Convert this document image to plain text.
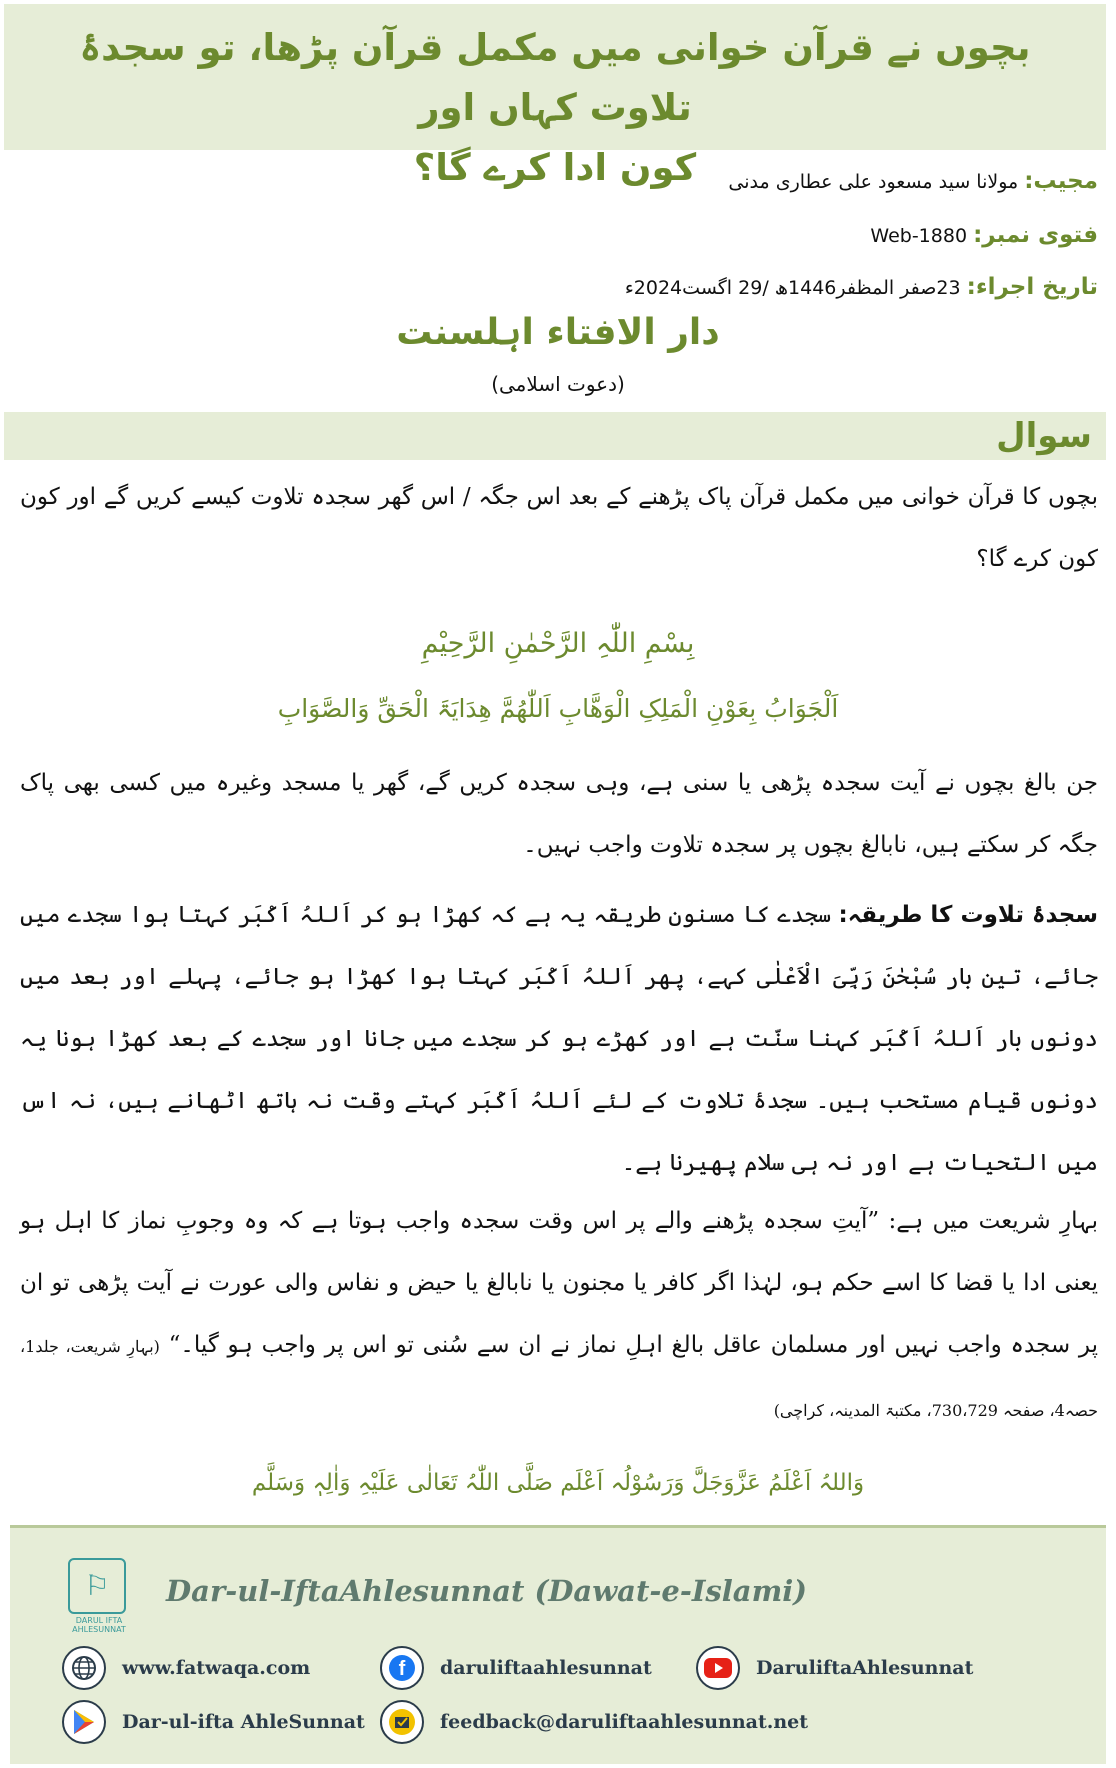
بچوں نے قرآن خوانی میں مکمل قرآن پڑھا، تو سجدۂ تلاوت کہاں اور
کون ادا کرے گا؟	مجیب: مولانا سید مسعود علی عطاری مدنی
فتوی نمبر: Web-1880
تاریخ اجراء: 23صفر المظفر1446ھ /29 اگست2024ء
دار الافتاء اہلسنت
(دعوت اسلامی)
سوال
بچوں کا قرآن خوانی میں مکمل قرآن پاک پڑھنے کے بعد اس جگہ / اس گھر سجدہ تلاوت کیسے کریں گے اور کون کون کرے گا؟
بِسْمِ اللّٰہِ الرَّحْمٰنِ الرَّحِیْمِ
اَلْجَوَابُ بِعَوْنِ الْمَلِکِ الْوَھَّابِ اَللّٰھُمَّ ھِدَایَۃَ الْحَقِّ وَالصَّوَابِ
جن بالغ بچوں نے آیت سجدہ پڑھی یا سنی ہے، وہی سجدہ کریں گے، گھر یا مسجد وغیرہ میں کسی بھی پاک جگہ کر سکتے ہیں، نابالغ بچوں پر سجدہ تلاوت واجب نہیں۔
سجدۂ تلاوت کا طریقہ: سجدے کا مسنون طریقہ یہ ہے کہ کھڑا ہو کر اَللہُ اَکْبَر کہتا ہوا سجدے میں جائے، تین بار سُبْحٰنَ رَبِّیَ الْاَعْلٰی کہے، پھر اَللہُ اَکْبَر کہتا ہوا کھڑا ہو جائے، پہلے اور بعد میں دونوں بار اَللہُ اَکْبَر کہنا سنّت ہے اور کھڑے ہو کر سجدے میں جانا اور سجدے کے بعد کھڑا ہونا یہ دونوں قیام مستحب ہیں۔ سجدۂ تلاوت کے لئے اَللہُ اَکْبَر کہتے وقت نہ ہاتھ اٹھانے ہیں، نہ اس میں التحیات ہے اور نہ ہی سلام پھیرنا ہے۔
بہارِ شریعت میں ہے: ”آیتِ سجدہ پڑھنے والے پر اس وقت سجدہ واجب ہوتا ہے کہ وہ وجوبِ نماز کا اہل ہو یعنی ادا یا قضا کا اسے حکم ہو، لہٰذا اگر کافر یا مجنون یا نابالغ یا حیض و نفاس والی عورت نے آیت پڑھی تو ان پر سجدہ واجب نہیں اور مسلمان عاقل بالغ اہلِ نماز نے ان سے سُنی تو اس پر واجب ہو گیا۔“ (بہارِ شریعت، جلد1، حصہ4، صفحہ 730،729، مکتبۃ المدینہ، کراچی)
وَاللہُ اَعْلَمُ عَزَّوَجَلَّ وَرَسُوْلُہ اَعْلَم صَلَّی اللّٰہُ تَعَالٰی عَلَیْہِ وَاٰلِہٖ وَسَلَّم
⚐
DARUL IFTA AHLESUNNAT
Dar-ul-IftaAhlesunnat (Dawat-e-Islami)
www.fatwaqa.com	f daruliftaahlesunnat	DaruliftaAhlesunnat
Dar-ul-ifta AhleSunnat	feedback@daruliftaahlesunnat.net
